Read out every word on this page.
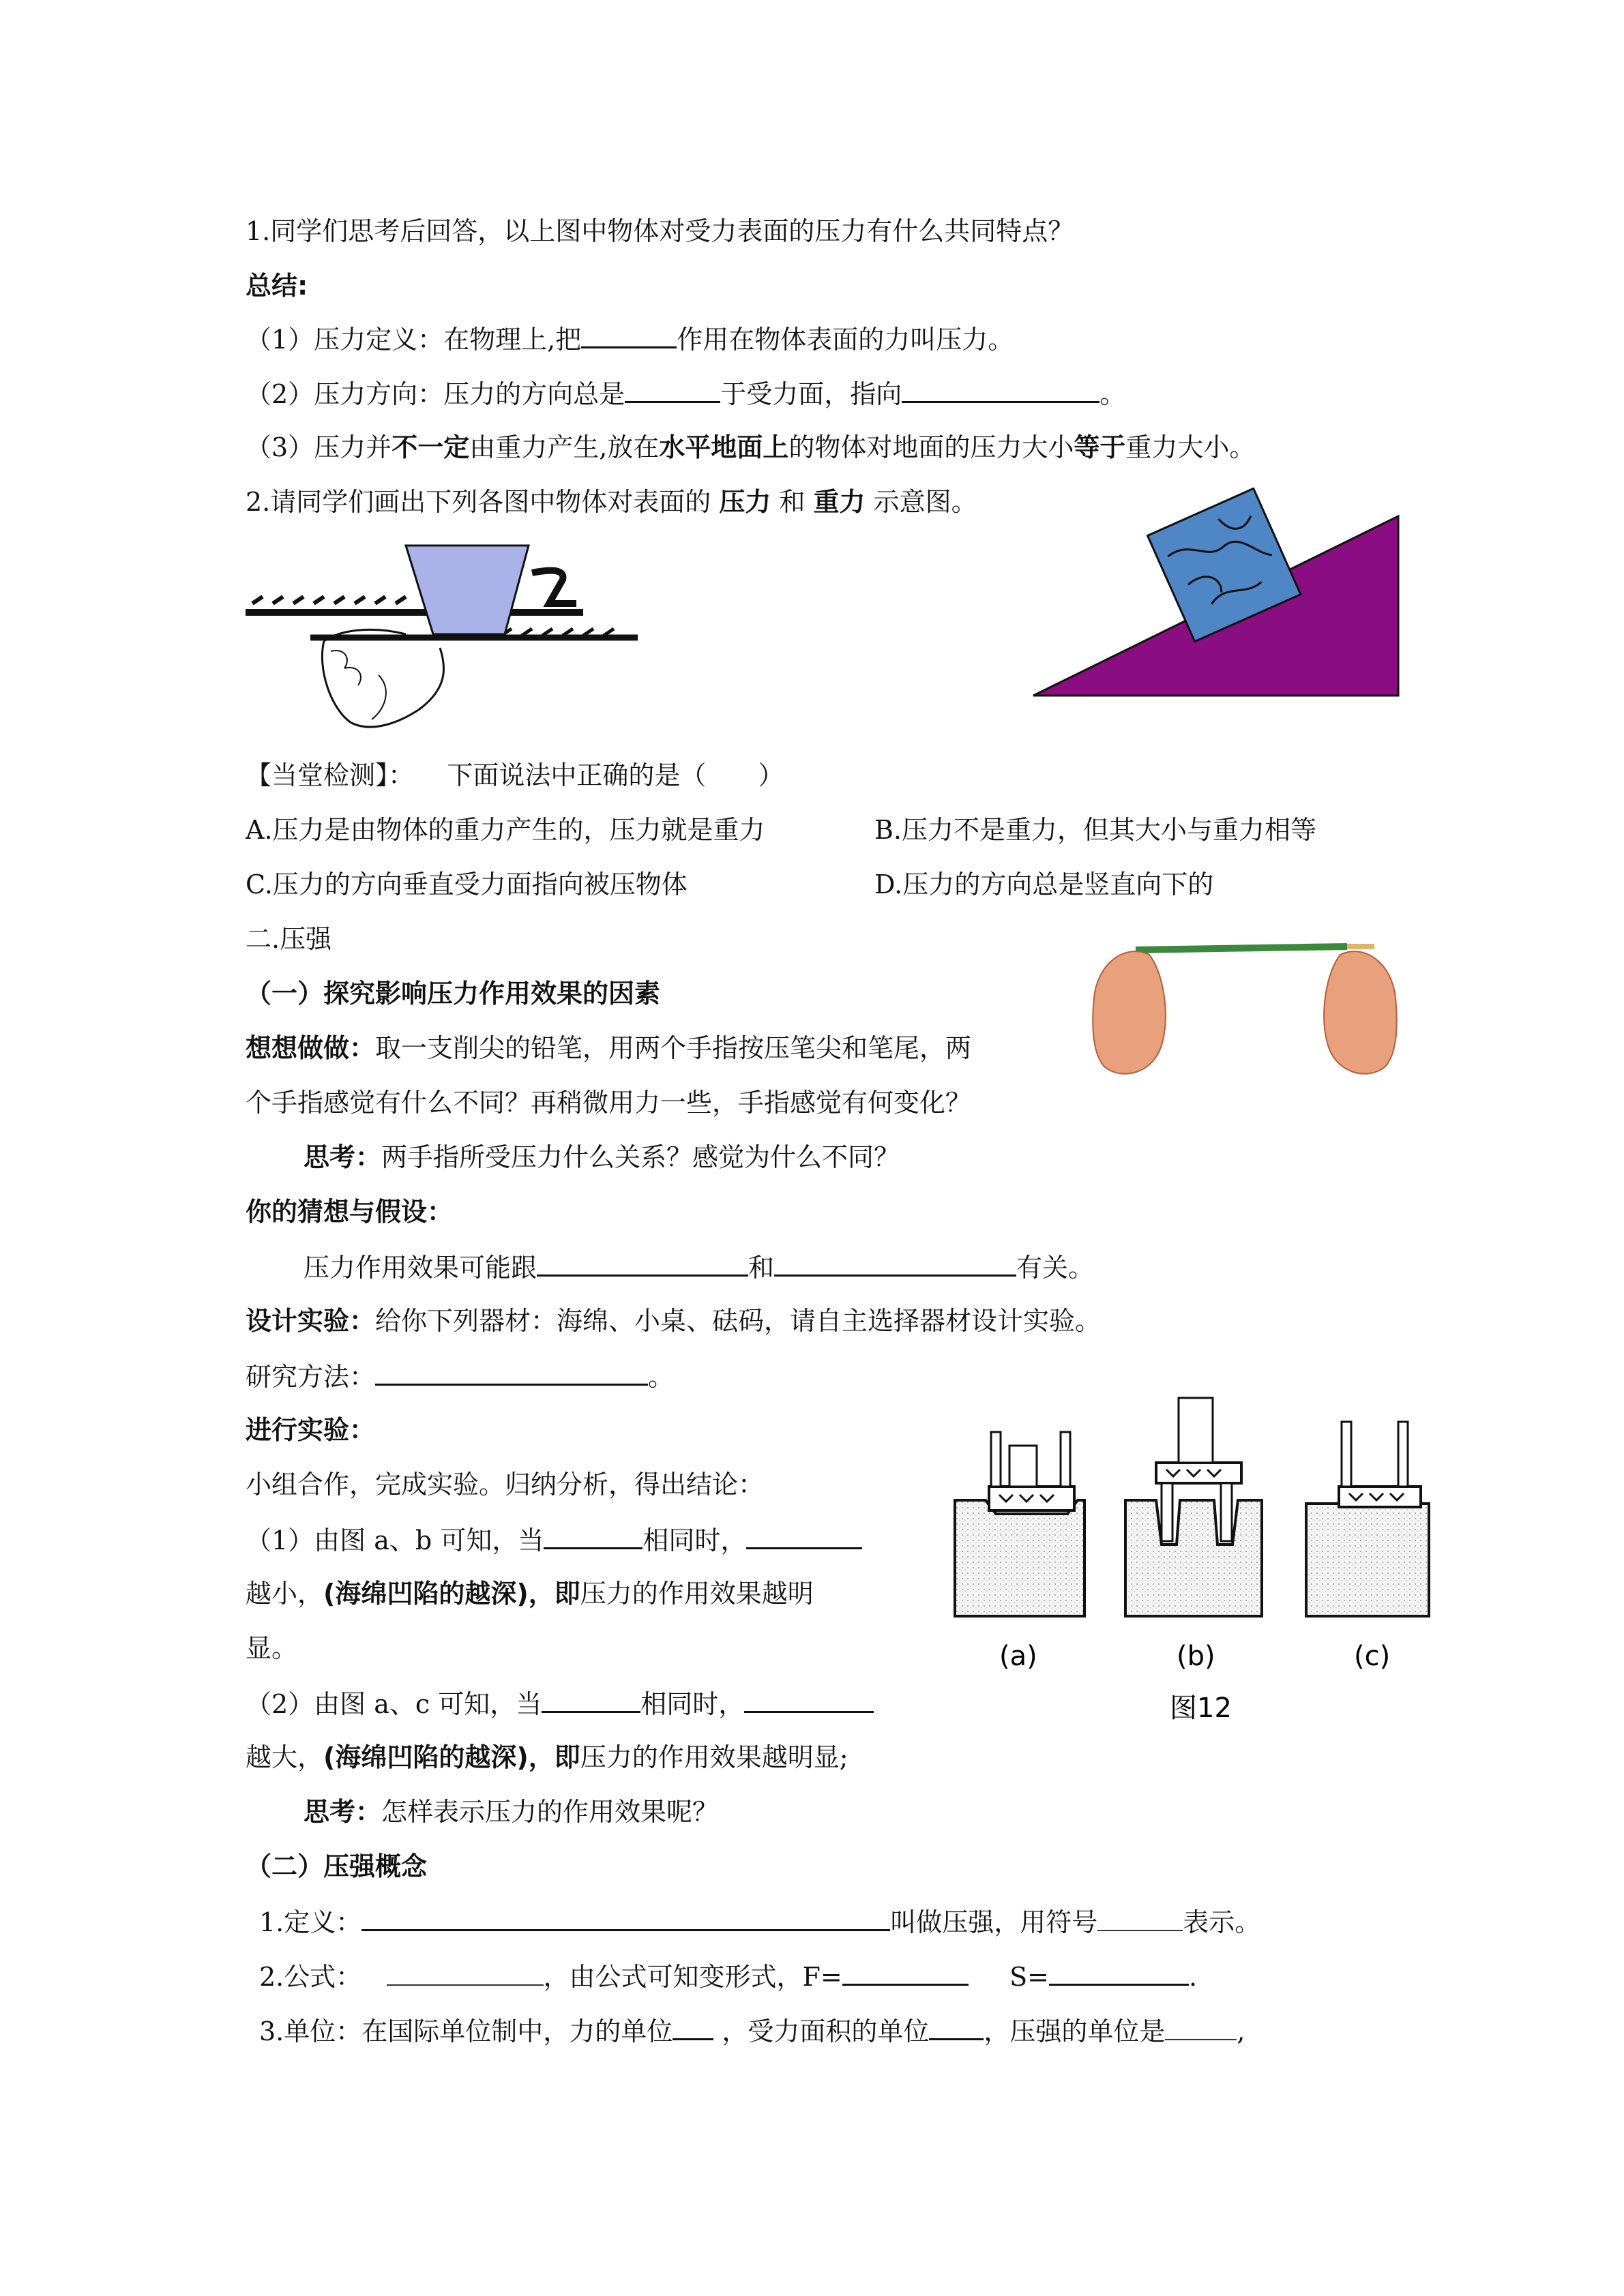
1.同学们思考后回答，以上图中物体对受力表面的压力有什么共同特点？
总结:
（1）压力定义：在物理上,把	作用在物体表面的力叫压力。
（2）压力方向：压力的方向总是	于受力面，指向	。
（3）压力并不一定由重力产生,放在水平地面上的物体对地面的压力大小等于重力大小。
2.请同学们画出下列各图中物体对表面的 压力 和 重力 示意图。
【当堂检测】： 下面说法中正确的是（　　）
A.压力是由物体的重力产生的，压力就是重力	B.压力不是重力，但其大小与重力相等
C.压力的方向垂直受力面指向被压物体	D.压力的方向总是竖直向下的
二.压强
（一）探究影响压力作用效果的因素
想想做做：取一支削尖的铅笔，用两个手指按压笔尖和笔尾，两
个手指感觉有什么不同？再稍微用力一些，手指感觉有何变化？
思考：两手指所受压力什么关系？感觉为什么不同？
你的猜想与假设：
压力作用效果可能跟	和	有关。
设计实验：给你下列器材：海绵、小桌、砝码，请自主选择器材设计实验。
研究方法：	。
进行实验：
小组合作，完成实验。归纳分析，得出结论：
（1）由图 a、b 可知，当	相同时，
越小，(海绵凹陷的越深)，即压力的作用效果越明
显。
（2）由图 a、c 可知，当	相同时，
越大，(海绵凹陷的越深)，即压力的作用效果越明显;
思考：怎样表示压力的作用效果呢？
(a)	(b)	(c)
图12
（二）压强概念
1.定义：	叫做压强，用符号	表示。
2.公式：	，由公式可知变形式，F=	S=	.
3.单位：在国际单位制中，力的单位 ，受力面积的单位 ，压强的单位是	,
